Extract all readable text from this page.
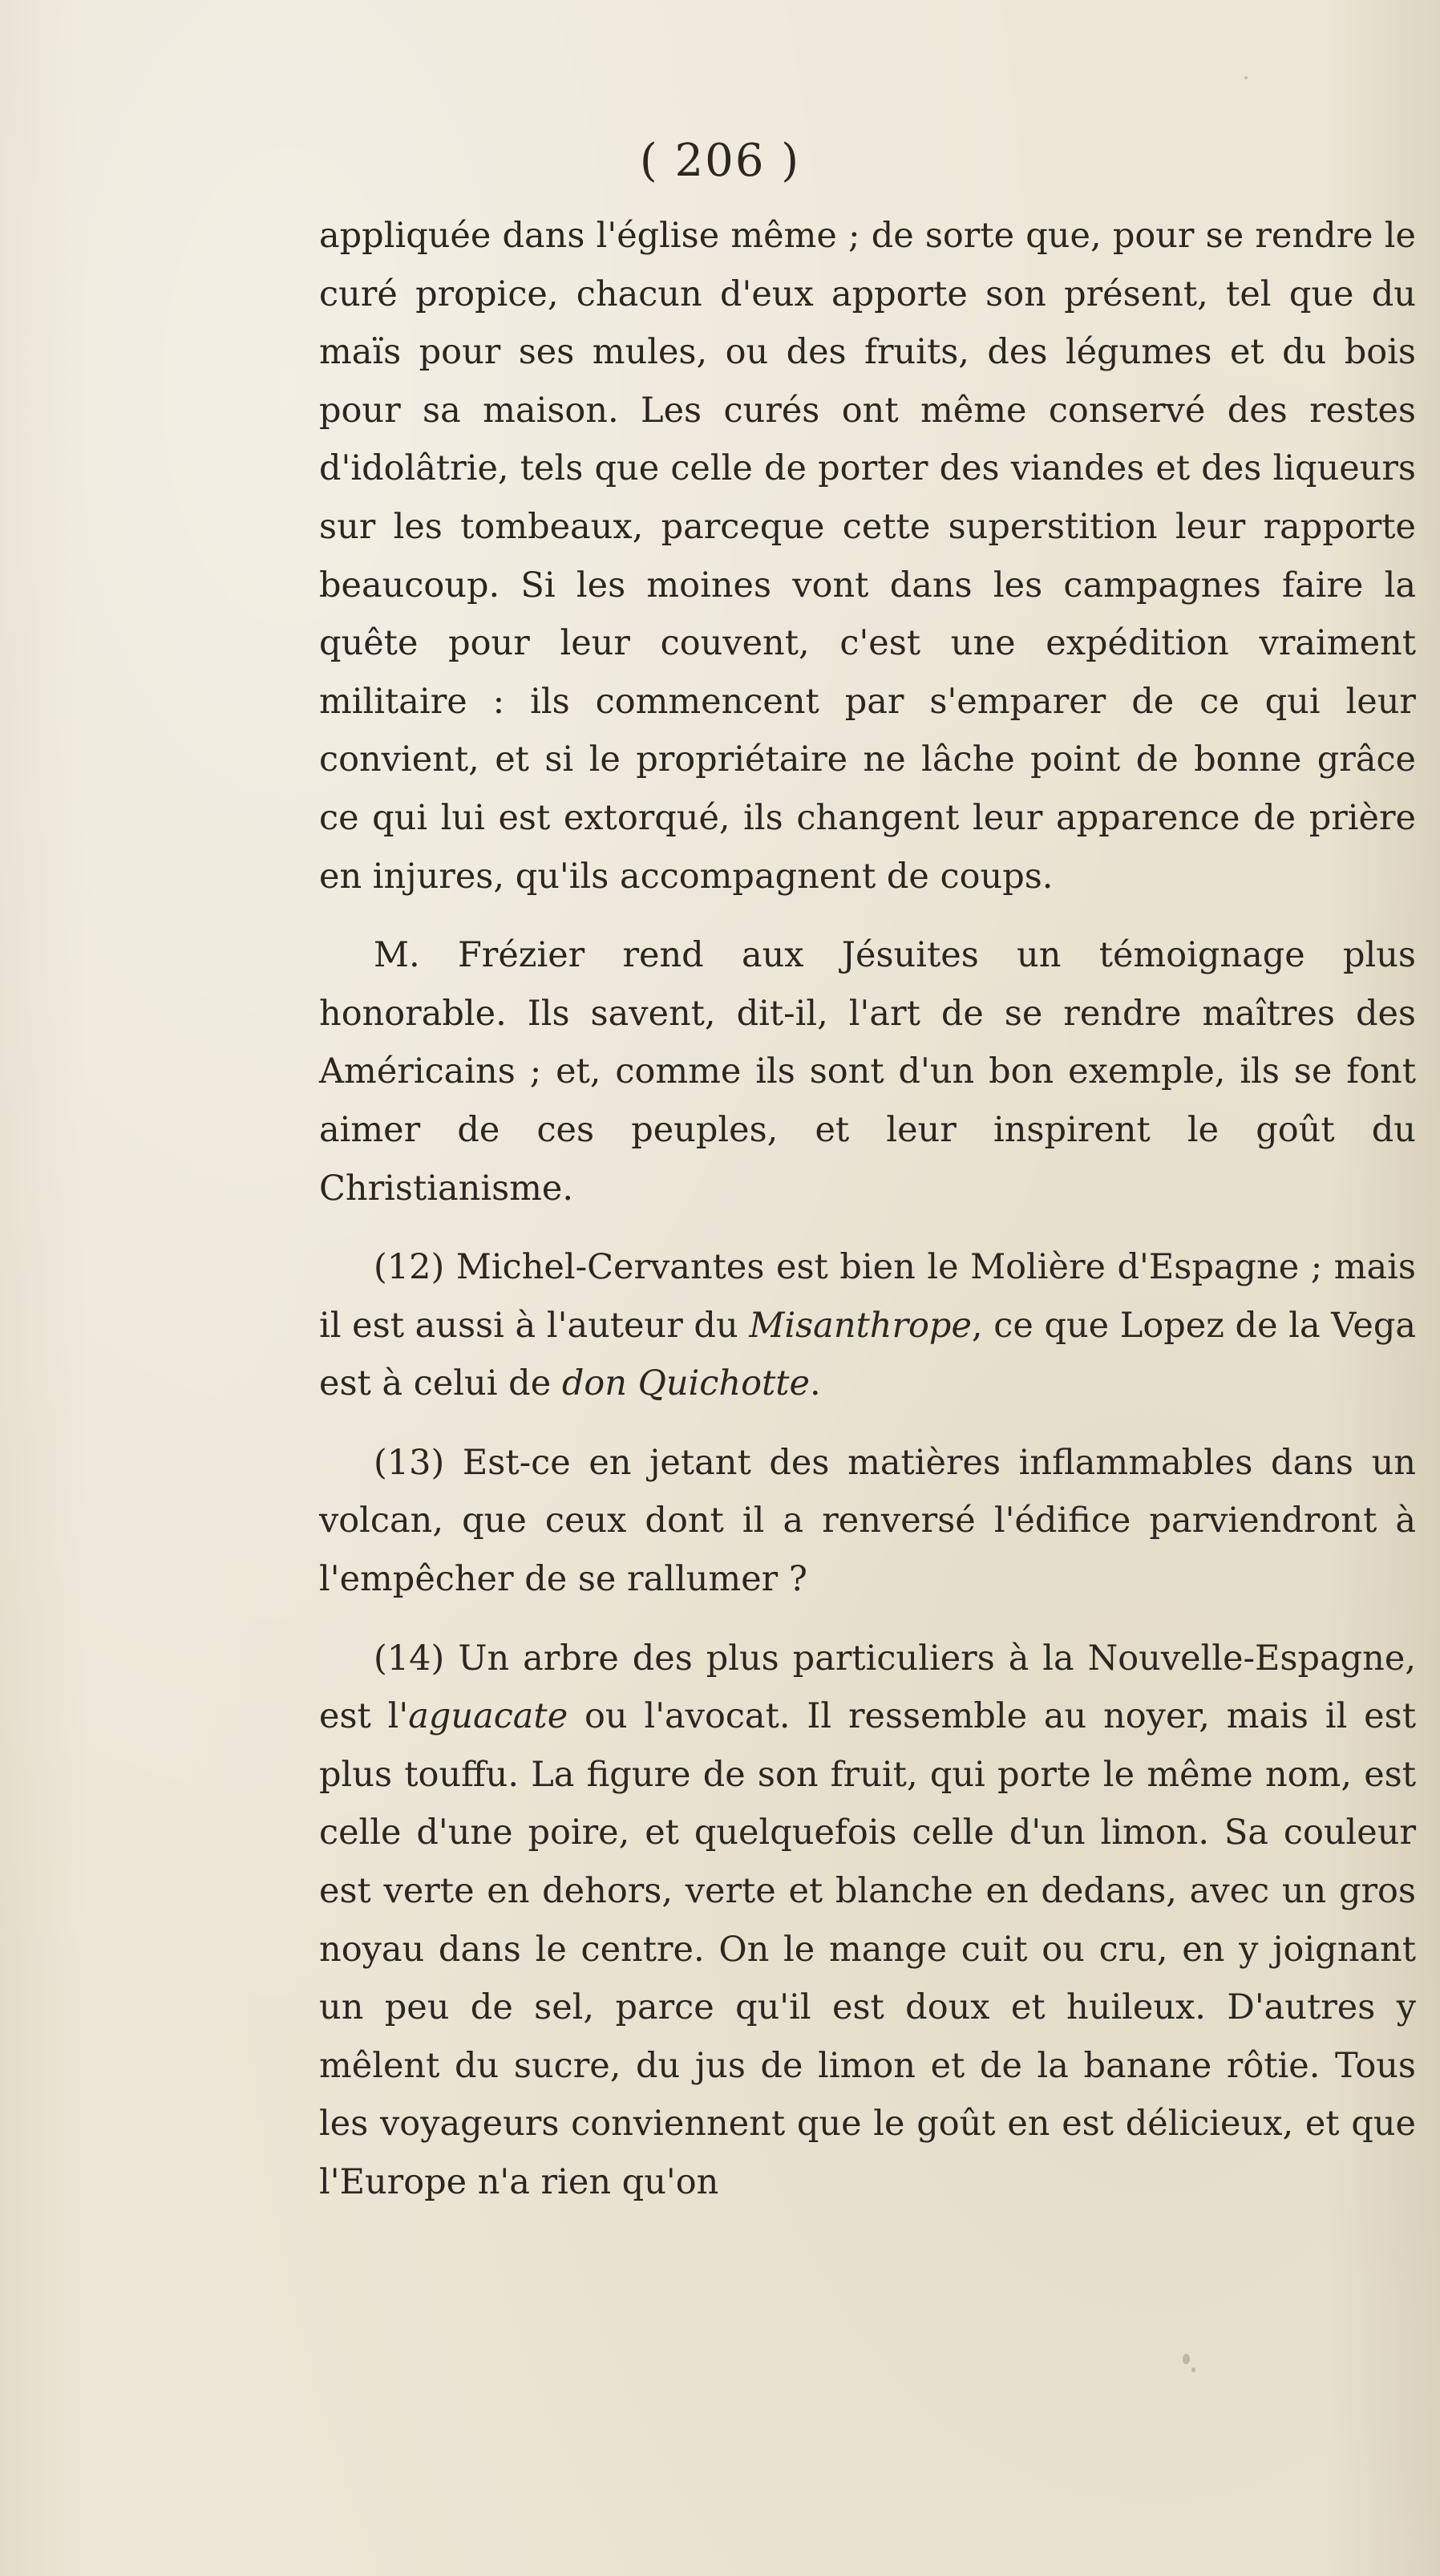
( 206 )

appliquée dans l'église même ; de sorte que, pour se rendre le curé propice, chacun d'eux apporte son présent, tel que du maïs pour ses mules, ou des fruits, des légumes et du bois pour sa maison. Les curés ont même conservé des restes d'idolâtrie, tels que celle de porter des viandes et des liqueurs sur les tombeaux, parceque cette superstition leur rapporte beaucoup. Si les moines vont dans les campagnes faire la quête pour leur couvent, c'est une expédition vraiment militaire : ils commencent par s'emparer de ce qui leur convient, et si le propriétaire ne lâche point de bonne grâce ce qui lui est extorqué, ils changent leur apparence de prière en injures, qu'ils accompagnent de coups.

M. Frézier rend aux Jésuites un témoignage plus honorable. Ils savent, dit-il, l'art de se rendre maîtres des Américains ; et, comme ils sont d'un bon exemple, ils se font aimer de ces peuples, et leur inspirent le goût du Christianisme.

(12) Michel-Cervantes est bien le Molière d'Espagne ; mais il est aussi à l'auteur du Misanthrope, ce que Lopez de la Vega est à celui de don Quichotte.

(13) Est-ce en jetant des matières inflammables dans un volcan, que ceux dont il a renversé l'édifice parviendront à l'empêcher de se rallumer ?

(14) Un arbre des plus particuliers à la Nouvelle-Espagne, est l'aguacate ou l'avocat. Il ressemble au noyer, mais il est plus touffu. La figure de son fruit, qui porte le même nom, est celle d'une poire, et quelquefois celle d'un limon. Sa couleur est verte en dehors, verte et blanche en dedans, avec un gros noyau dans le centre. On le mange cuit ou cru, en y joignant un peu de sel, parce qu'il est doux et huileux. D'autres y mêlent du sucre, du jus de limon et de la banane rôtie. Tous les voyageurs conviennent que le goût en est délicieux, et que l'Europe n'a rien qu'on
